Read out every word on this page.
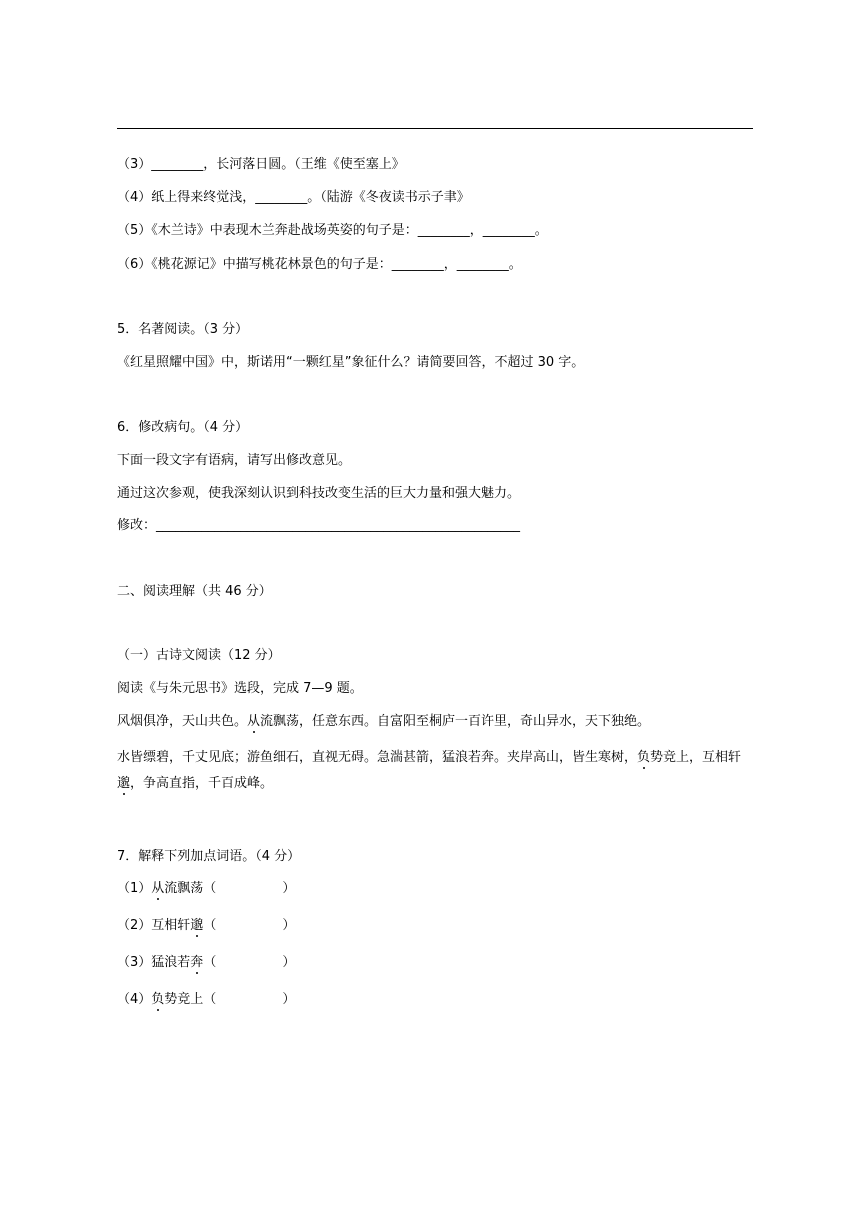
（3）________，长河落日圆。（王维《使至塞上》
（4）纸上得来终觉浅，________。（陆游《冬夜读书示子聿》
（5）《木兰诗》中表现木兰奔赴战场英姿的句子是：________，________。
（6）《桃花源记》中描写桃花林景色的句子是：________，________。
5．名著阅读。（3 分）
《红星照耀中国》中，斯诺用“一颗红星”象征什么？请简要回答，不超过 30 字。
6．修改病句。（4 分）
下面一段文字有语病，请写出修改意见。
通过这次参观，使我深刻认识到科技改变生活的巨大力量和强大魅力。
修改：________________________________________________________
二、阅读理解（共 46 分）
（一）古诗文阅读（12 分）
阅读《与朱元思书》选段，完成 7—9 题。
风烟俱净，天山共色。从流飘荡，任意东西。自富阳至桐庐一百许里，奇山异水，天下独绝。
水皆缥碧，千丈见底；游鱼细石，直视无碍。急湍甚箭，猛浪若奔。夹岸高山，皆生寒树，负势竞上，互相轩邈，争高直指，千百成峰。
7．解释下列加点词语。（4 分）
（1）从流飘荡（	）
（2）互相轩邈（	）
（3）猛浪若奔（	）
（4）负势竞上（	）
